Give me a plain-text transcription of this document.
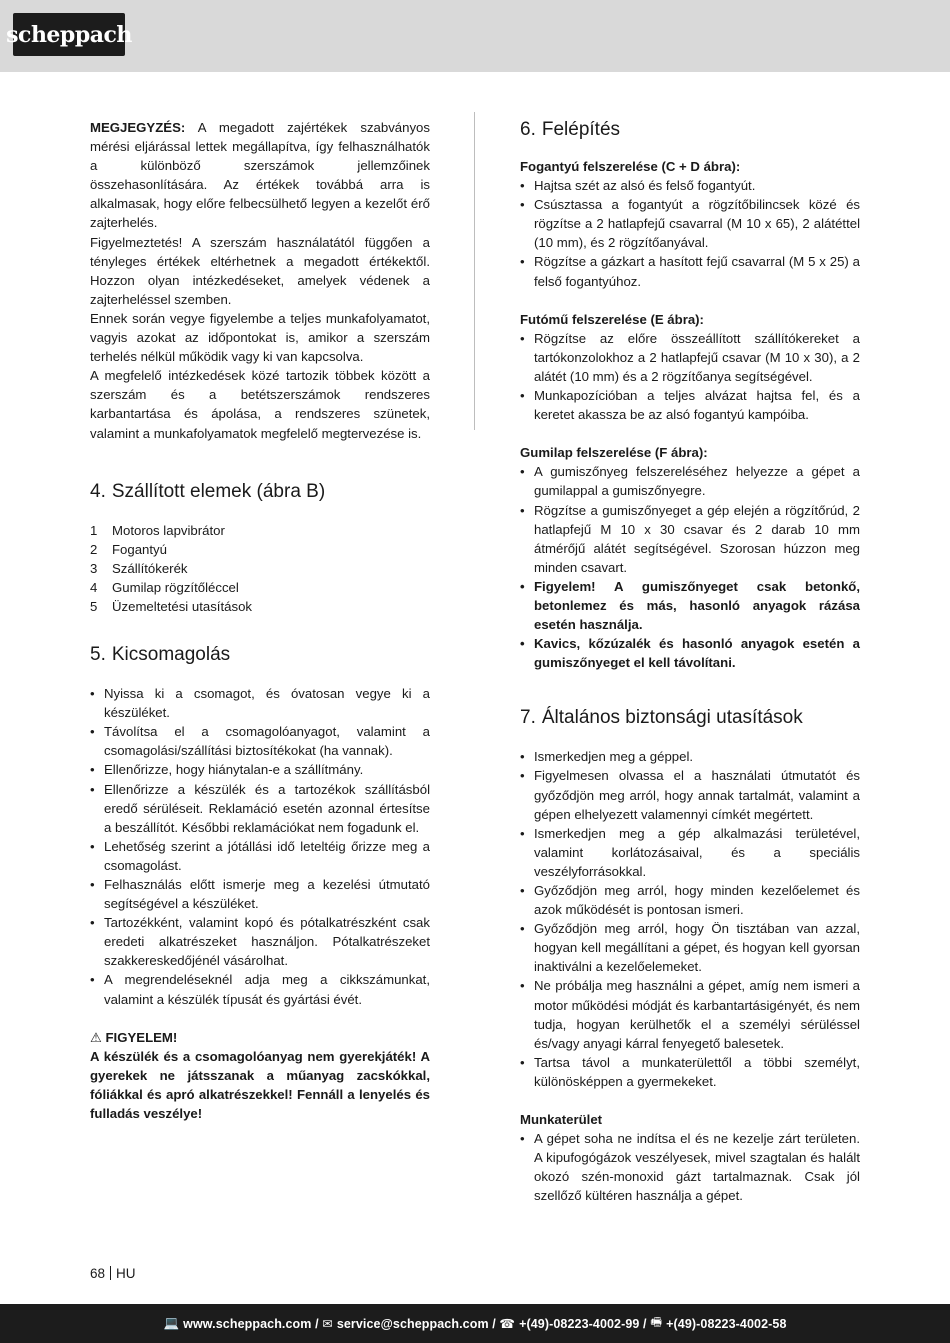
scheppach

MEGJEGYZÉS: A megadott zajértékek szabványos mérési eljárással lettek megállapítva, így felhasználhatók a különböző szerszámok jellemzőinek összehasonlítására. Az értékek továbbá arra is alkalmasak, hogy előre felbecsülhető legyen a kezelőt érő zajterhelés.

Figyelmeztetés! A szerszám használatától függően a tényleges értékek eltérhetnek a megadott értékektől. Hozzon olyan intézkedéseket, amelyek védenek a zajterheléssel szemben.

Ennek során vegye figyelembe a teljes munkafolyamatot, vagyis azokat az időpontokat is, amikor a szerszám terhelés nélkül működik vagy ki van kapcsolva.

A megfelelő intézkedések közé tartozik többek között a szerszám és a betétszerszámok rendszeres karbantartása és ápolása, a rendszeres szünetek, valamint a munkafolyamatok megfelelő megtervezése is.

4. Szállított elemek (ábra B)
1	Motoros lapvibrátor
2	Fogantyú
3	Szállítókerék
4	Gumilap rögzítőléccel
5	Üzemeltetési utasítások
5. Kicsomagolás
• Nyissa ki a csomagot, és óvatosan vegye ki a készüléket.
• Távolítsa el a csomagolóanyagot, valamint a csomagolási/szállítási biztosítékokat (ha vannak).
• Ellenőrizze, hogy hiánytalan-e a szállítmány.
• Ellenőrizze a készülék és a tartozékok szállításból eredő sérüléseit. Reklamáció esetén azonnal értesítse a beszállítót. Későbbi reklamációkat nem fogadunk el.
• Lehetőség szerint a jótállási idő leteltéig őrizze meg a csomagolást.
• Felhasználás előtt ismerje meg a kezelési útmutató segítségével a készüléket.
• Tartozékként, valamint kopó és pótalkatrészként csak eredeti alkatrészeket használjon. Pótalkatrészeket szakkereskedőjénél vásárolhat.
• A megrendeléseknél adja meg a cikkszámunkat, valamint a készülék típusát és gyártási évét.
⚠ FIGYELEM!

A készülék és a csomagolóanyag nem gyerekjáték! A gyerekek ne játsszanak a műanyag zacskókkal, fóliákkal és apró alkatrészekkel! Fennáll a lenyelés és fulladás veszélye!

6. Felépítés

Fogantyú felszerelése (C + D ábra):

• Hajtsa szét az alsó és felső fogantyút.
• Csúsztassa a fogantyút a rögzítőbilincsek közé és rögzítse a 2 hatlapfejű csavarral (M 10 x 65), 2 alátéttel (10 mm), és 2 rögzítőanyával.
• Rögzítse a gázkart a hasított fejű csavarral (M 5 x 25) a felső fogantyúhoz.

Futómű felszerelése (E ábra):

• Rögzítse az előre összeállított szállítókereket a tartókonzolokhoz a 2 hatlapfejű csavar (M 10 x 30), a 2 alátét (10 mm) és a 2 rögzítőanya segítségével.
• Munkapozícióban a teljes alvázat hajtsa fel, és a keretet akassza be az alsó fogantyú kampóiba.

Gumilap felszerelése (F ábra):

• A gumiszőnyeg felszereléséhez helyezze a gépet a gumilappal a gumiszőnyegre.
• Rögzítse a gumiszőnyeget a gép elején a rögzítőrúd, 2 hatlapfejű M 10 x 30 csavar és 2 darab 10 mm átmérőjű alátét segítségével. Szorosan húzzon meg minden csavart.
• Figyelem! A gumiszőnyeget csak betonkő, betonlemez és más, hasonló anyagok rázása esetén használja.
• Kavics, kőzúzalék és hasonló anyagok esetén a gumiszőnyeget el kell távolítani.
7. Általános biztonsági utasítások
• Ismerkedjen meg a géppel.
• Figyelmesen olvassa el a használati útmutatót és győződjön meg arról, hogy annak tartalmát, valamint a gépen elhelyezett valamennyi címkét megértett.
• Ismerkedjen meg a gép alkalmazási területével, valamint korlátozásaival, és a speciális veszélyforrásokkal.
• Győződjön meg arról, hogy minden kezelőelemet és azok működését is pontosan ismeri.
• Győződjön meg arról, hogy Ön tisztában van azzal, hogyan kell megállítani a gépet, és hogyan kell gyorsan inaktiválni a kezelőelemeket.
• Ne próbálja meg használni a gépet, amíg nem ismeri a motor működési módját és karbantartásigényét, és nem tudja, hogyan kerülhetők el a személyi sérüléssel és/vagy anyagi kárral fenyegető balesetek.
• Tartsa távol a munkaterülettől a többi személyt, különösképpen a gyermekeket.

Munkaterület

• A gépet soha ne indítsa el és ne kezelje zárt területen. A kipufogógázok veszélyesek, mivel szagtalan és halált okozó szén-monoxid gázt tartalmaznak. Csak jól szellőző kültéren használja a gépet.
68 HU
💻 www.scheppach.com /
✉ service@scheppach.com /
☎ +(49)-08223-4002-99 /
🖷 +(49)-08223-4002-58
